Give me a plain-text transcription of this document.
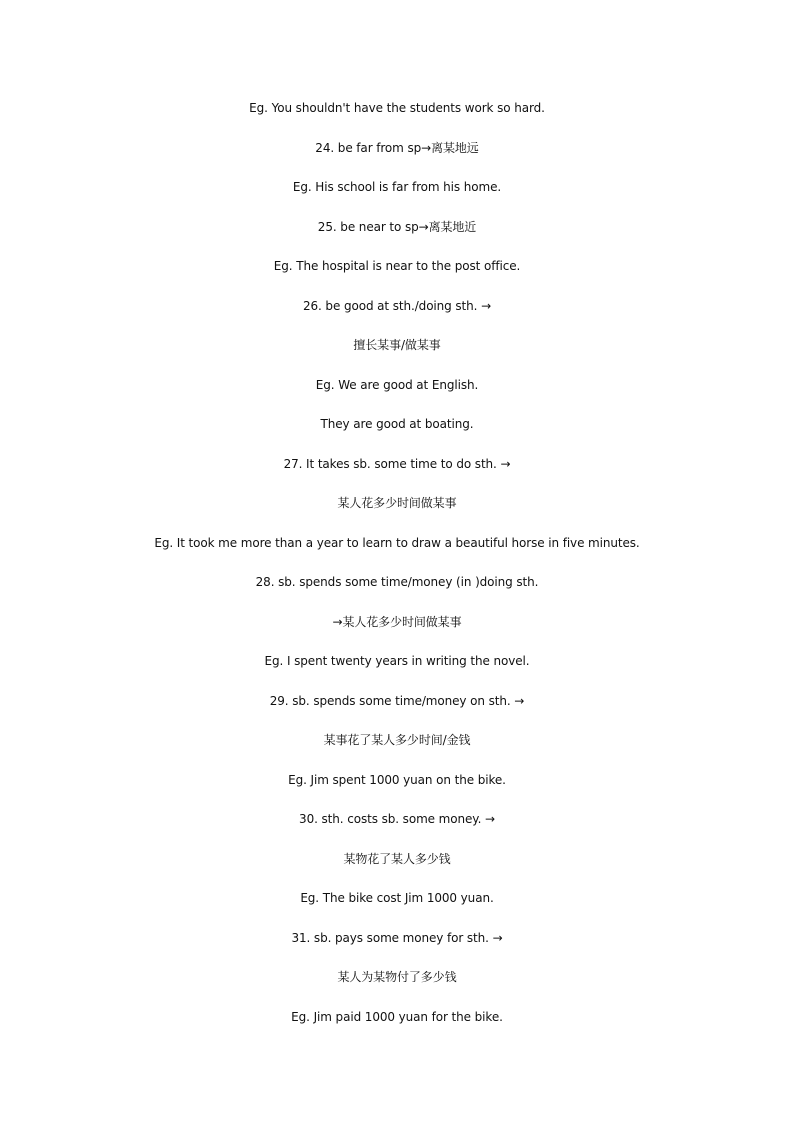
Eg. You shouldn't have the students work so hard.
24. be far from sp→离某地远
Eg. His school is far from his home.
25. be near to sp→离某地近
Eg. The hospital is near to the post office.
26. be good at sth./doing sth. →
擅长某事/做某事
Eg. We are good at English.
They are good at boating.
27. It takes sb. some time to do sth. →
某人花多少时间做某事
Eg. It took me more than a year to learn to draw a beautiful horse in five minutes.
28. sb. spends some time/money (in )doing sth.
→某人花多少时间做某事
Eg. I spent twenty years in writing the novel.
29. sb. spends some time/money on sth. →
某事花了某人多少时间/金钱
Eg. Jim spent 1000 yuan on the bike.
30. sth. costs sb. some money. →
某物花了某人多少钱
Eg. The bike cost Jim 1000 yuan.
31. sb. pays some money for sth. →
某人为某物付了多少钱
Eg. Jim paid 1000 yuan for the bike.
